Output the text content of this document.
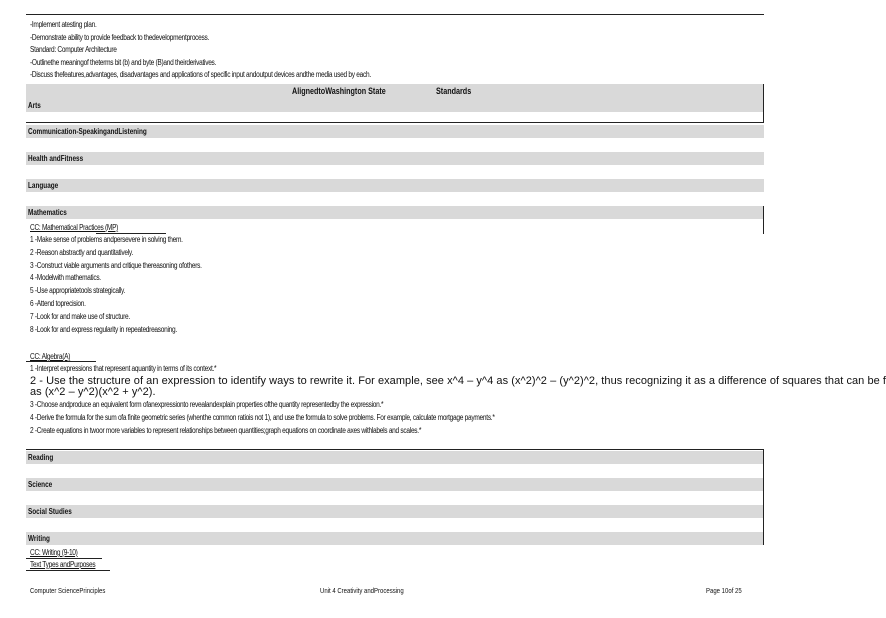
-Implement atesting plan.
-Demonstrate ability to provide feedback to thedevelopmentprocess.
Standard: Computer Architecture
-Outlinethe meaningof theterms bit (b) and byte (B)and theirderivatives.
-Discuss thefeatures,advantages, disadvantages and applications of specific input andoutput devices andthe media used by each.
Arts
AlignedtoWashington State	Standards
Communication-SpeakingandListening
Health andFitness
Language
Mathematics
CC: Mathematical Practices (MP)
1 -Make sense of problems andpersevere in solving them.
2 -Reason abstractly and quantitatively.
3 -Construct viable arguments and critique thereasoning ofothers.
4 -Modelwith mathematics.
5 -Use appropriatetools strategically.
6 -Attend toprecision.
7 -Look for and make use of structure.
8 -Look for and express regularity in repeatedreasoning.
CC: Algebra(A)
1 -Interpret expressions that represent aquantity in terms of its context.*
2 - Use the structure of an expression to identify ways to rewrite it. For example, see x^4 – y^4 as (x^2)^2 – (y^2)^2, thus recognizing it as a difference of squares that can be f
as (x^2 – y^2)(x^2 + y^2).
3 -Choose andproduce an equivalent form ofanexpressionto revealandexplain properties ofthe quantity representedby the expression.*
4 -Derive the formula for the sum ofa finite geometric series (whenthe common ratiois not 1), and use the formula to solve problems. For example, calculate mortgage payments.*
2 -Create equations in twoor more variables to represent relationships between quantities;graph equations on coordinate axes withlabels and scales.*
Reading
Science
Social Studies
Writing
CC: Writing (9-10)
Text Types andPurposes
Computer SciencePrinciples	Unit 4 Creativity andProcessing	Page 10of 25
